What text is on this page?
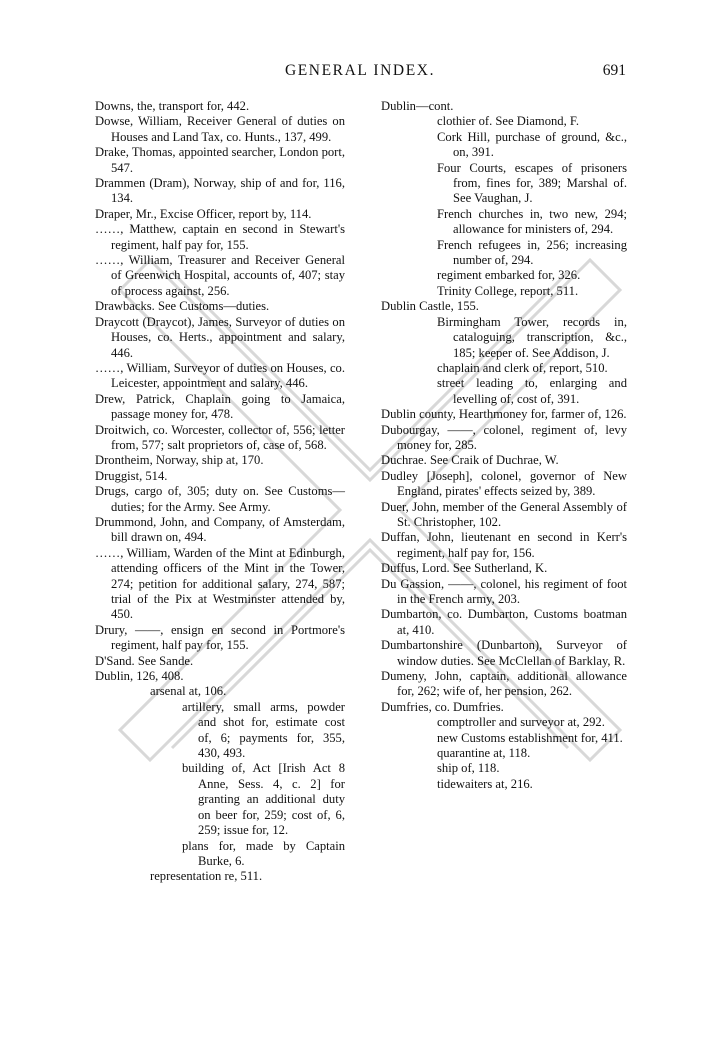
GENERAL INDEX.	691
Downs, the, transport for, 442.
Dowse, William, Receiver General of duties on Houses and Land Tax, co. Hunts., 137, 499.
Drake, Thomas, appointed searcher, London port, 547.
Drammen (Dram), Norway, ship of and for, 116, 134.
Draper, Mr., Excise Officer, report by, 114.
……, Matthew, captain en second in Stewart's regiment, half pay for, 155.
……, William, Treasurer and Receiver General of Greenwich Hospital, accounts of, 407; stay of process against, 256.
Drawbacks. See Customs—duties.
Draycott (Draycot), James, Surveyor of duties on Houses, co. Herts., appointment and salary, 446.
……, William, Surveyor of duties on Houses, co. Leicester, appointment and salary, 446.
Drew, Patrick, Chaplain going to Jamaica, passage money for, 478.
Droitwich, co. Worcester, collector of, 556; letter from, 577; salt proprietors of, case of, 568.
Drontheim, Norway, ship at, 170.
Druggist, 514.
Drugs, cargo of, 305; duty on. See Customs—duties; for the Army. See Army.
Drummond, John, and Company, of Amsterdam, bill drawn on, 494.
……, William, Warden of the Mint at Edinburgh, attending officers of the Mint in the Tower, 274; petition for additional salary, 274, 587; trial of the Pix at Westminster attended by, 450.
Drury, ——, ensign en second in Portmore's regiment, half pay for, 155.
D'Sand. See Sande.
Dublin, 126, 408.
arsenal at, 106.
artillery, small arms, powder and shot for, estimate cost of, 6; payments for, 355, 430, 493.
building of, Act [Irish Act 8 Anne, Sess. 4, c. 2] for granting an additional duty on beer for, 259; cost of, 6, 259; issue for, 12.
plans for, made by Captain Burke, 6.
representation re, 511.
Dublin—cont.
clothier of. See Diamond, F.
Cork Hill, purchase of ground, &c., on, 391.
Four Courts, escapes of prisoners from, fines for, 389; Marshal of. See Vaughan, J.
French churches in, two new, 294; allowance for ministers of, 294.
French refugees in, 256; increasing number of, 294.
regiment embarked for, 326.
Trinity College, report, 511.
Dublin Castle, 155.
Birmingham Tower, records in, cataloguing, transcription, &c., 185; keeper of. See Addison, J.
chaplain and clerk of, report, 510.
street leading to, enlarging and levelling of, cost of, 391.
Dublin county, Hearthmoney for, farmer of, 126.
Dubourgay, ——, colonel, regiment of, levy money for, 285.
Duchrae. See Craik of Duchrae, W.
Dudley [Joseph], colonel, governor of New England, pirates' effects seized by, 389.
Duer, John, member of the General Assembly of St. Christopher, 102.
Duffan, John, lieutenant en second in Kerr's regiment, half pay for, 156.
Duffus, Lord. See Sutherland, K.
Du Gassion, ——, colonel, his regiment of foot in the French army, 203.
Dumbarton, co. Dumbarton, Customs boatman at, 410.
Dumbartonshire (Dunbarton), Surveyor of window duties. See McClellan of Barklay, R.
Dumeny, John, captain, additional allowance for, 262; wife of, her pension, 262.
Dumfries, co. Dumfries.
comptroller and surveyor at, 292.
new Customs establishment for, 411.
quarantine at, 118.
ship of, 118.
tidewaiters at, 216.
